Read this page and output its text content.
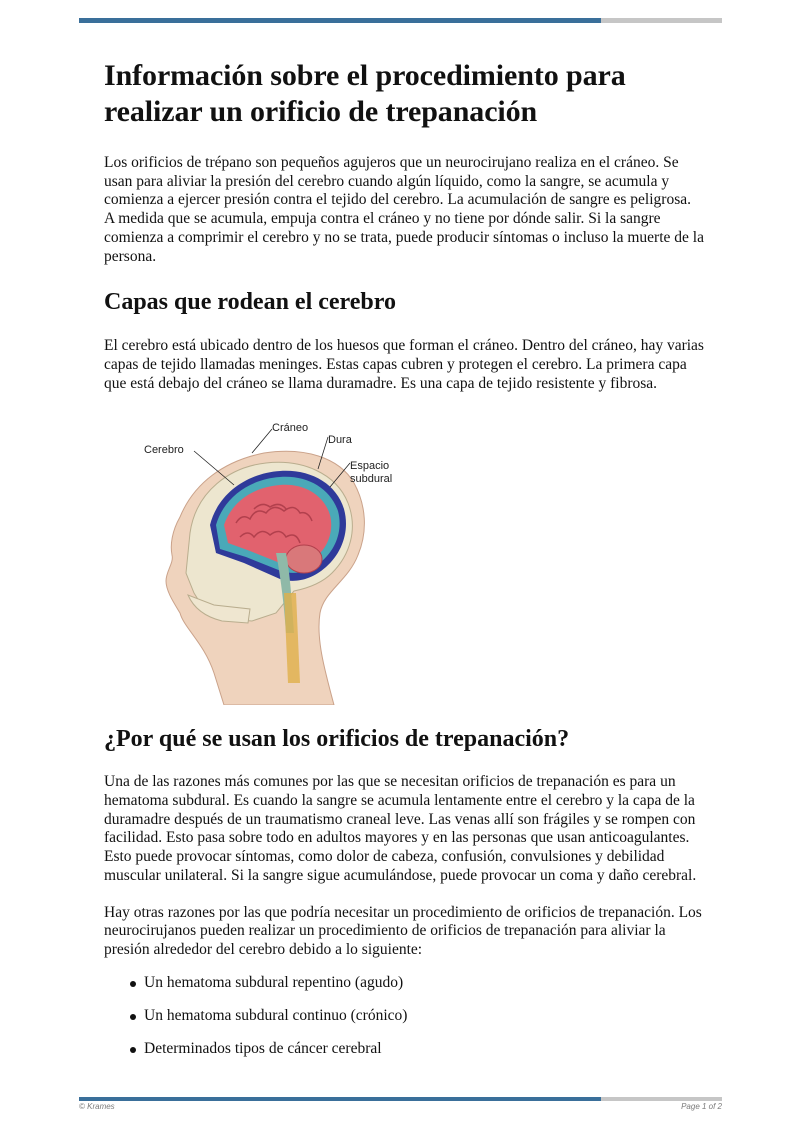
Información sobre el procedimiento para realizar un orificio de trepanación

Los orificios de trépano son pequeños agujeros que un neurocirujano realiza en el cráneo. Se usan para aliviar la presión del cerebro cuando algún líquido, como la sangre, se acumula y comienza a ejercer presión contra el tejido del cerebro. La acumulación de sangre es peligrosa. A medida que se acumula, empuja contra el cráneo y no tiene por dónde salir. Si la sangre comienza a comprimir el cerebro y no se trata, puede producir síntomas o incluso la muerte de la persona.

Capas que rodean el cerebro

El cerebro está ubicado dentro de los huesos que forman el cráneo. Dentro del cráneo, hay varias capas de tejido llamadas meninges. Estas capas cubren y protegen el cerebro. La primera capa que está debajo del cráneo se llama duramadre. Es una capa de tejido resistente y fibrosa.

Cerebro
Cráneo
Dura
Espacio
subdural
¿Por qué se usan los orificios de trepanación?

Una de las razones más comunes por las que se necesitan orificios de trepanación es para un hematoma subdural. Es cuando la sangre se acumula lentamente entre el cerebro y la capa de la duramadre después de un traumatismo craneal leve. Las venas allí son frágiles y se rompen con facilidad. Esto pasa sobre todo en adultos mayores y en las personas que usan anticoagulantes. Esto puede provocar síntomas, como dolor de cabeza, confusión, convulsiones y debilidad muscular unilateral. Si la sangre sigue acumulándose, puede provocar un coma y daño cerebral.

Hay otras razones por las que podría necesitar un procedimiento de orificios de trepanación. Los neurocirujanos pueden realizar un procedimiento de orificios de trepanación para aliviar la presión alrededor del cerebro debido a lo siguiente:

Un hematoma subdural repentino (agudo)
Un hematoma subdural continuo (crónico)
Determinados tipos de cáncer cerebral
© Krames	Page 1 of 2
